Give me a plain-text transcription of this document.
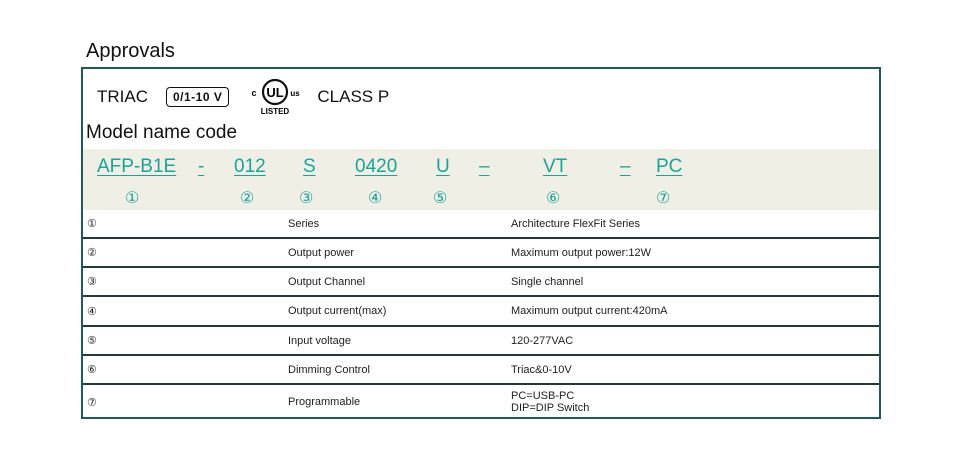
Approvals
TRIAC	0/1-10 V	c UL us
LISTED
CLASS P
Model name code
AFP-B1E - 012 S 0420 U –	VT	– PC
①	②	③	④	⑤	⑥	⑦
①	Series	Architecture FlexFit Series
②	Output power	Maximum output power:12W
③	Output Channel	Single channel
④	Output current(max)	Maximum output current:420mA
⑤	Input voltage	120-277VAC
⑥	Dimming Control	Triac&0-10V
⑦	Programmable	PC=USB-PC
DIP=DIP Switch
